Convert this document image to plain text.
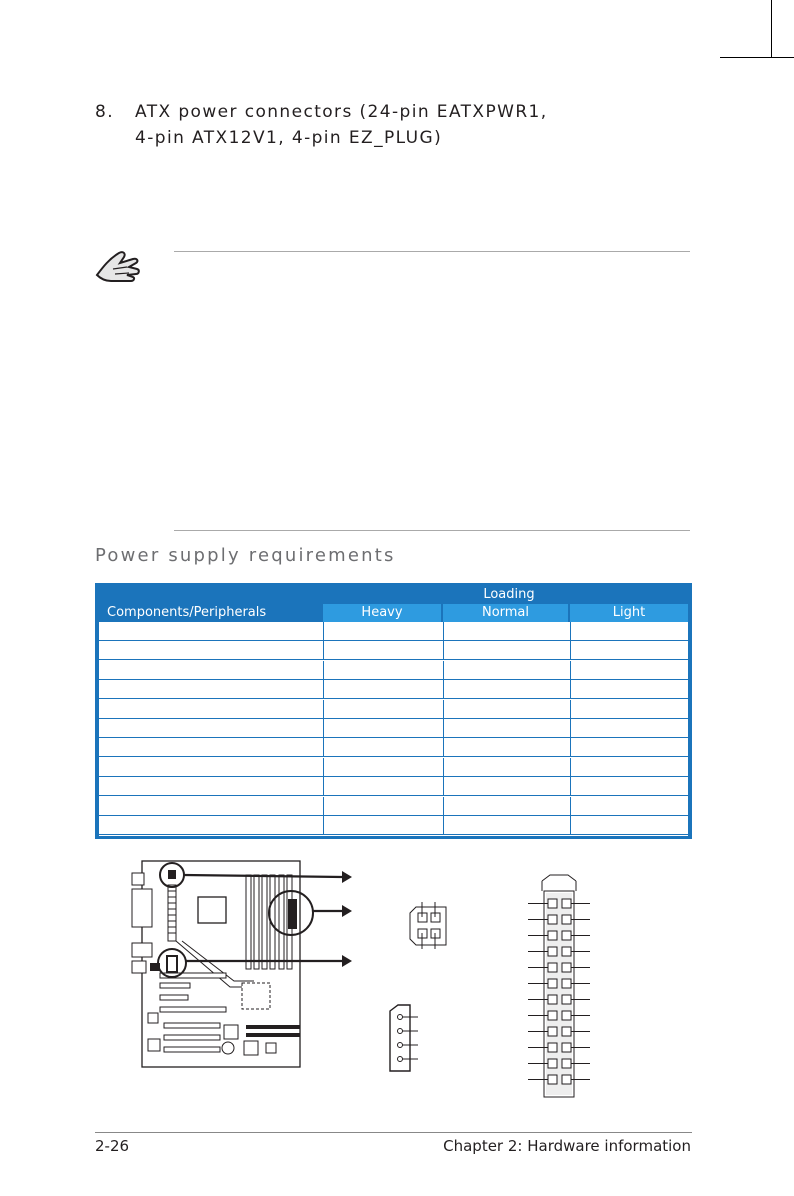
8. ATX power connectors (24-pin EATXPWR1,
4-pin ATX12V1, 4-pin EZ_PLUG)
Power supply requirements
Loading
Components/Peripherals	Heavy	Normal	Light
2-26	Chapter 2: Hardware information
